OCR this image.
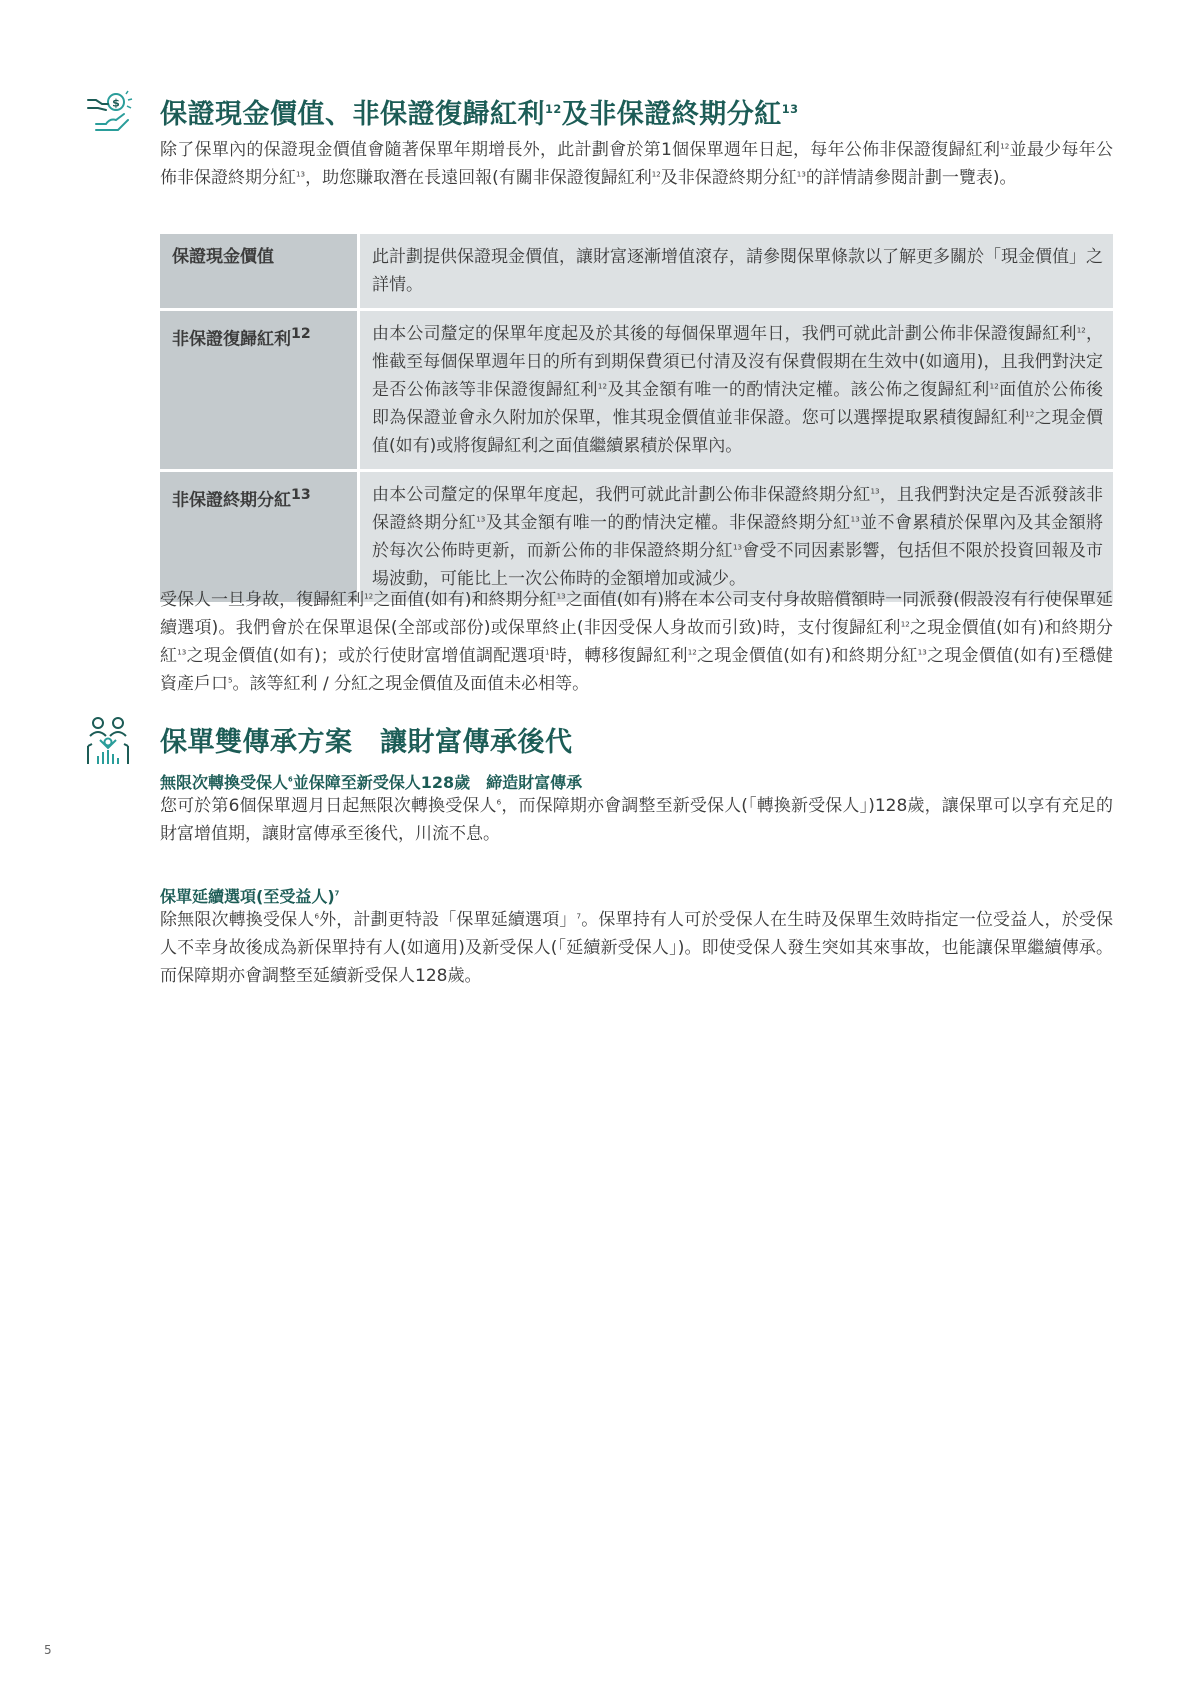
$ 保證現金價值、非保證復歸紅利$^{12}$及非保證終期分紅$^{13}$

除了保單內的保證現金價值會隨著保單年期增長外，此計劃會於第1個保單週年日起，每年公佈非保證復歸紅利$^{12}$並最少每年公佈非保證終期分紅$^{13}$，助您賺取潛在長遠回報(有關非保證復歸紅利$^{12}$及非保證終期分紅$^{13}$的詳情請參閱計劃一覽表)。

保證現金價值	此計劃提供保證現金價值，讓財富逐漸增值滾存，請參閱保單條款以了解更多關於「現金價值」之詳情。
非保證復歸紅利$^{12}$	由本公司釐定的保單年度起及於其後的每個保單週年日，我們可就此計劃公佈非保證復歸紅利$^{12}$，惟截至每個保單週年日的所有到期保費須已付清及沒有保費假期在生效中(如適用)，且我們對決定是否公佈該等非保證復歸紅利$^{12}$及其金額有唯一的酌情決定權。該公佈之復歸紅利$^{12}$面值於公佈後即為保證並會永久附加於保單，惟其現金價值並非保證。您可以選擇提取累積復歸紅利$^{12}$之現金價值(如有)或將復歸紅利之面值繼續累積於保單內。
非保證終期分紅$^{13}$	由本公司釐定的保單年度起，我們可就此計劃公佈非保證終期分紅$^{13}$，且我們對決定是否派發該非保證終期分紅$^{13}$及其金額有唯一的酌情決定權。非保證終期分紅$^{13}$並不會累積於保單內及其金額將於每次公佈時更新，而新公佈的非保證終期分紅$^{13}$會受不同因素影響，包括但不限於投資回報及市場波動，可能比上一次公佈時的金額增加或減少。

受保人一旦身故，復歸紅利$^{12}$之面值(如有)和終期分紅$^{13}$之面值(如有)將在本公司支付身故賠償額時一同派發(假設沒有行使保單延續選項)。我們會於在保單退保(全部或部份)或保單終止(非因受保人身故而引致)時，支付復歸紅利$^{12}$之現金價值(如有)和終期分紅$^{13}$之現金價值(如有)；或於行使財富增值調配選項$^1$時，轉移復歸紅利$^{12}$之現金價值(如有)和終期分紅$^{13}$之現金價值(如有)至穩健資產戶口$^5$。該等紅利 / 分紅之現金價值及面值未必相等。

保單雙傳承方案　讓財富傳承後代
無限次轉換受保人$^6$並保障至新受保人128歲　締造財富傳承

您可於第6個保單週月日起無限次轉換受保人$^6$，而保障期亦會調整至新受保人(「轉換新受保人」)128歲，讓保單可以享有充足的財富增值期，讓財富傳承至後代，川流不息。

保單延續選項(至受益人)$^7$

除無限次轉換受保人$^6$外，計劃更特設「保單延續選項」$^7$。保單持有人可於受保人在生時及保單生效時指定一位受益人，於受保人不幸身故後成為新保單持有人(如適用)及新受保人(「延續新受保人」)。即使受保人發生突如其來事故，也能讓保單繼續傳承。而保障期亦會調整至延續新受保人128歲。

5
